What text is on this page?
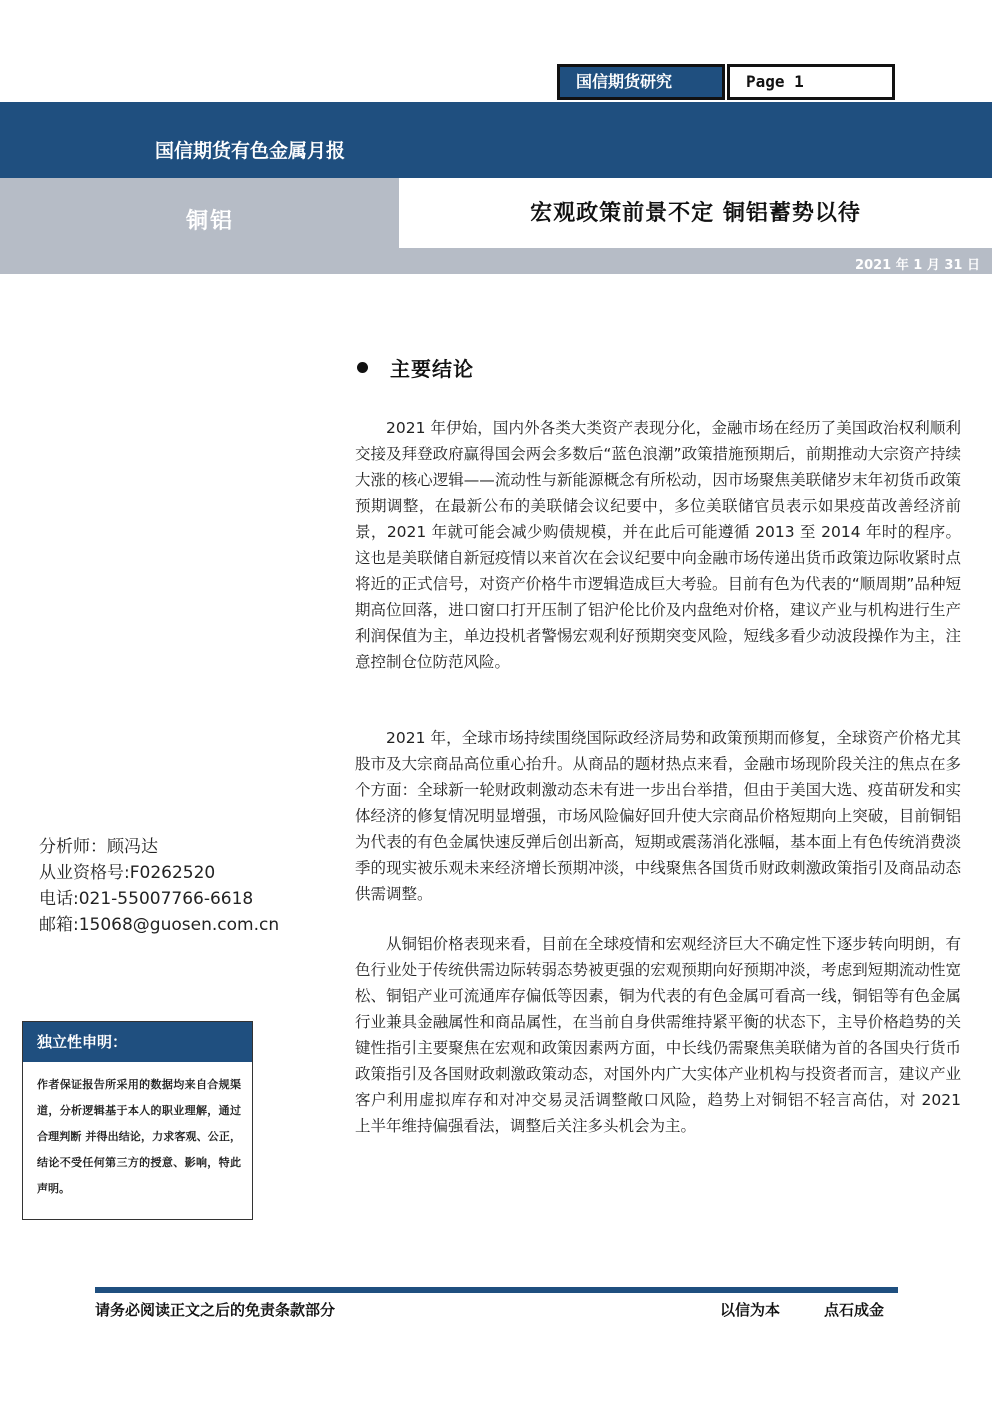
国信期货研究	Page 1
国信期货有色金属月报
铜铝	宏观政策前景不定 铜铝蓄势以待
2021 年 1 月 31 日
主要结论

2021 年伊始，国内外各类大类资产表现分化，金融市场在经历了美国政治权利顺利交接及拜登政府赢得国会两会多数后“蓝色浪潮”政策措施预期后，前期推动大宗资产持续大涨的核心逻辑——流动性与新能源概念有所松动，因市场聚焦美联储岁末年初货币政策预期调整，在最新公布的美联储会议纪要中，多位美联储官员表示如果疫苗改善经济前景，2021 年就可能会减少购债规模，并在此后可能遵循 2013 至 2014 年时的程序。这也是美联储自新冠疫情以来首次在会议纪要中向金融市场传递出货币政策边际收紧时点将近的正式信号，对资产价格牛市逻辑造成巨大考验。目前有色为代表的“顺周期”品种短期高位回落，进口窗口打开压制了铝沪伦比价及内盘绝对价格，建议产业与机构进行生产利润保值为主，单边投机者警惕宏观利好预期突变风险，短线多看少动波段操作为主，注意控制仓位防范风险。

2021 年，全球市场持续围绕国际政经济局势和政策预期而修复，全球资产价格尤其股市及大宗商品高位重心抬升。从商品的题材热点来看，金融市场现阶段关注的焦点在多个方面：全球新一轮财政刺激动态未有进一步出台举措，但由于美国大选、疫苗研发和实体经济的修复情况明显增强，市场风险偏好回升使大宗商品价格短期向上突破，目前铜铝为代表的有色金属快速反弹后创出新高，短期或震荡消化涨幅，基本面上有色传统消费淡季的现实被乐观未来经济增长预期冲淡，中线聚焦各国货币财政刺激政策指引及商品动态供需调整。

从铜铝价格表现来看，目前在全球疫情和宏观经济巨大不确定性下逐步转向明朗，有色行业处于传统供需边际转弱态势被更强的宏观预期向好预期冲淡，考虑到短期流动性宽松、铜铝产业可流通库存偏低等因素，铜为代表的有色金属可看高一线，铜铝等有色金属行业兼具金融属性和商品属性，在当前自身供需维持紧平衡的状态下，主导价格趋势的关键性指引主要聚焦在宏观和政策因素两方面，中长线仍需聚焦美联储为首的各国央行货币政策指引及各国财政刺激政策动态，对国外内广大实体产业机构与投资者而言，建议产业客户利用虚拟库存和对冲交易灵活调整敞口风险，趋势上对铜铝不轻言高估，对 2021 上半年维持偏强看法，调整后关注多头机会为主。

分析师：顾冯达
从业资格号:F0262520
电话:021-55007766-6618
邮箱:15068@guosen.com.cn
独立性申明：
作者保证报告所采用的数据均来自合规渠道，分析逻辑基于本人的职业理解，通过合理判断 并得出结论，力求客观、公正，结论不受任何第三方的授意、影响，特此声明。
请务必阅读正文之后的免责条款部分	以信为本	点石成金
